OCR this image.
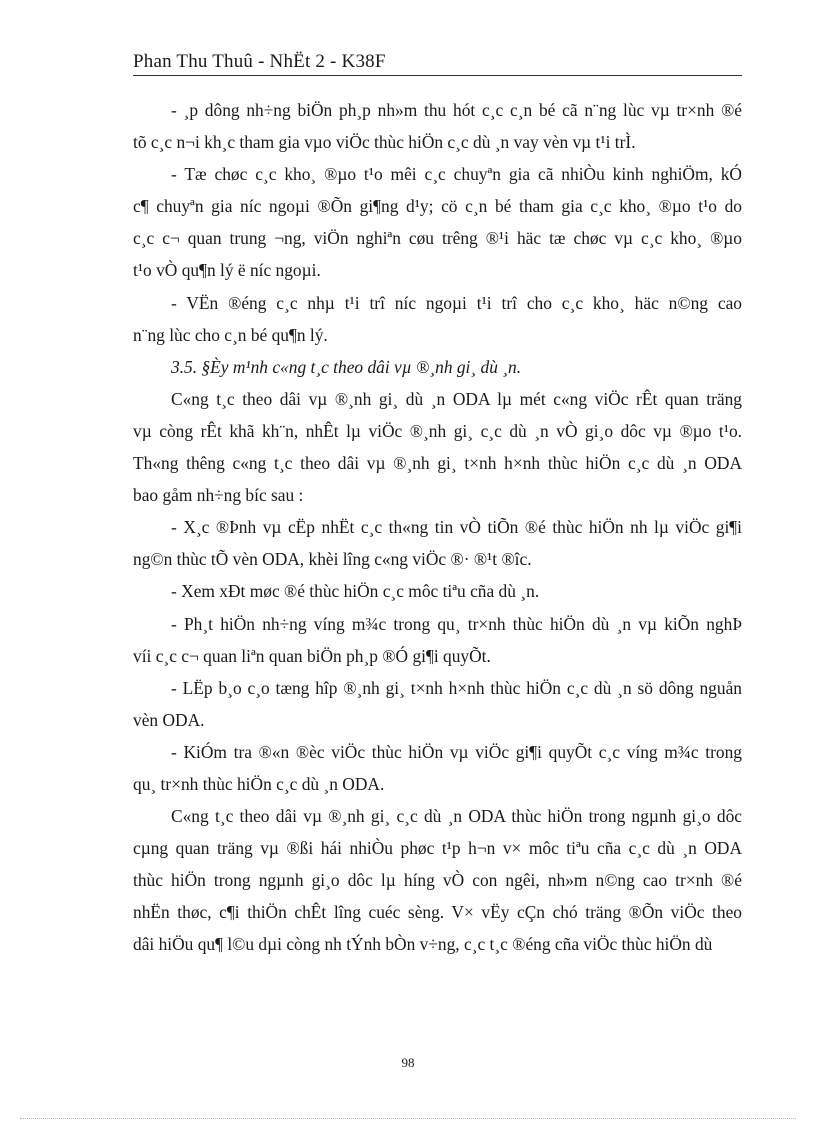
Phan Thu Thuû - NhËt 2 - K38F

- ¸p dông nh÷ng biÖn ph¸p nh»m thu hót c¸c c¸n bé cã n¨ng lùc vµ tr×nh ®é
tõ c¸c n¬i kh¸c tham gia vµo viÖc thùc hiÖn c¸c dù ¸n vay vèn vµ t¹i trÌ.

- Tæ chøc c¸c kho¸ ®µo t¹o mêi c¸c chuyªn gia cã nhiÒu kinh nghiÖm, kÓ
c¶ chuyªn gia níc ngoµi ®Õn gi¶ng d¹y; cö c¸n bé tham gia c¸c kho¸ ®µo t¹o do
c¸c c¬ quan trung ¬ng, viÖn nghiªn cøu trêng ®¹i häc tæ chøc vµ c¸c kho¸ ®µo
t¹o vÒ qu¶n lý ë níc ngoµi.

- VËn ®éng c¸c nhµ t¹i trî níc ngoµi t¹i trî cho c¸c kho¸ häc n©ng cao
n¨ng lùc cho c¸n bé qu¶n lý.

3.5. §Èy m¹nh c«ng t¸c theo dâi vµ ®¸nh gi¸ dù ¸n.

C«ng t¸c theo dâi vµ ®¸nh gi¸ dù ¸n ODA lµ mét c«ng viÖc rÊt quan träng
vµ còng rÊt khã kh¨n, nhÊt lµ viÖc ®¸nh gi¸ c¸c dù ¸n vÒ gi¸o dôc vµ ®µo t¹o.
Th«ng thêng c«ng t¸c theo dâi vµ ®¸nh gi¸ t×nh h×nh thùc hiÖn c¸c dù ¸n ODA
bao gåm nh÷ng bíc sau :

- X¸c ®Þnh vµ cËp nhËt c¸c th«ng tin vÒ tiÕn ®é thùc hiÖn nh lµ viÖc gi¶i
ng©n thùc tÕ vèn ODA, khèi lîng c«ng viÖc ®· ®¹t ®îc.

- Xem xÐt møc ®é thùc hiÖn c¸c môc tiªu cña dù ¸n.

- Ph¸t hiÖn nh÷ng víng m¾c trong qu¸ tr×nh thùc hiÖn dù ¸n vµ kiÕn nghÞ
víi c¸c c¬ quan liªn quan biÖn ph¸p ®Ó gi¶i quyÕt.

- LËp b¸o c¸o tæng hîp ®¸nh gi¸ t×nh h×nh thùc hiÖn c¸c dù ¸n sö dông nguån
vèn ODA.

- KiÓm tra ®«n ®èc viÖc thùc hiÖn vµ viÖc gi¶i quyÕt c¸c víng m¾c trong
qu¸ tr×nh thùc hiÖn c¸c dù ¸n ODA.

C«ng t¸c theo dâi vµ ®¸nh gi¸ c¸c dù ¸n ODA thùc hiÖn trong ngµnh gi¸o dôc
cµng quan träng vµ ®ßi hái nhiÒu phøc t¹p h¬n v× môc tiªu cña c¸c dù ¸n ODA
thùc hiÖn trong ngµnh gi¸o dôc lµ híng vÒ con ngêi, nh»m n©ng cao tr×nh ®é
nhËn thøc, c¶i thiÖn chÊt lîng cuéc sèng. V× vËy cÇn chó träng ®Õn viÖc theo
dâi hiÖu qu¶ l©u dµi còng nh tÝnh bÒn v÷ng, c¸c t¸c ®éng cña viÖc thùc hiÖn dù

98
